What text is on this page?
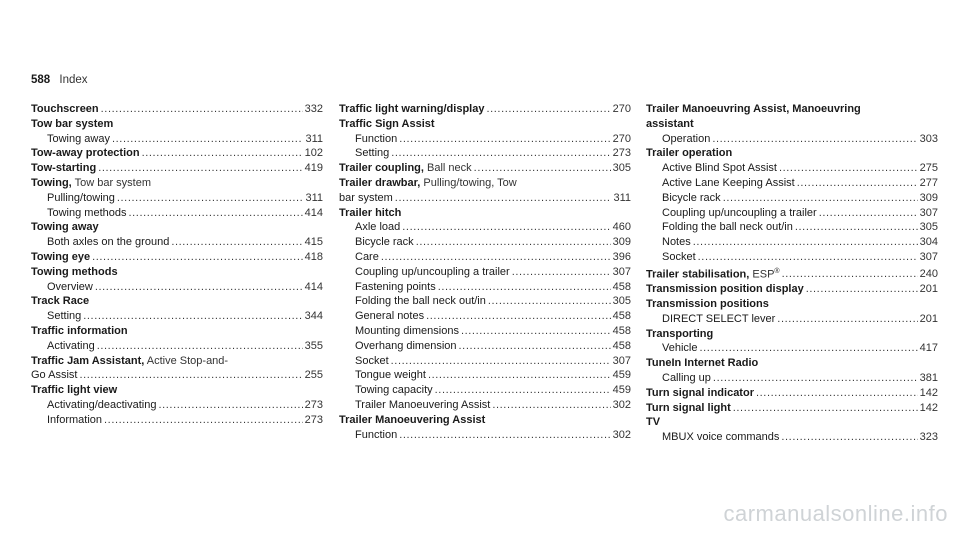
588 Index
Touchscreen .....	332
Tow bar system
Towing away .....	311
Tow-away protection .....	102
Tow-starting .....	419
Towing, Tow bar system
Pulling/towing .....	311
Towing methods .....	414
Towing away
Both axles on the ground .....	415
Towing eye .....	418
Towing methods
Overview .....	414
Track Race
Setting .....	344
Traffic information
Activating .....	355
Traffic Jam Assistant, Active Stop-and-
Go Assist .....	255
Traffic light view
Activating/deactivating .....	273
Information .....	273
Traffic light warning/display .....	270
Traffic Sign Assist
Function .....	270
Setting .....	273
Trailer coupling, Ball neck .....	305
Trailer drawbar, Pulling/towing, Tow
bar system .....	311
Trailer hitch
Axle load .....	460
Bicycle rack .....	309
Care .....	396
Coupling up/uncoupling a trailer .....	307
Fastening points .....	458
Folding the ball neck out/in .....	305
General notes .....	458
Mounting dimensions .....	458
Overhang dimension .....	458
Socket .....	307
Tongue weight .....	459
Towing capacity .....	459
Trailer Manoeuvering Assist .....	302
Trailer Manoeuvering Assist
Function .....	302
Trailer Manoeuvring Assist, Manoeuvring
assistant
Operation .....	303
Trailer operation
Active Blind Spot Assist .....	275
Active Lane Keeping Assist .....	277
Bicycle rack .....	309
Coupling up/uncoupling a trailer .....	307
Folding the ball neck out/in .....	305
Notes .....	304
Socket .....	307
Trailer stabilisation, ESP® .....	240
Transmission position display .....	201
Transmission positions
DIRECT SELECT lever .....	201
Transporting
Vehicle .....	417
TuneIn Internet Radio
Calling up .....	381
Turn signal indicator .....	142
Turn signal light .....	142
TV
MBUX voice commands .....	323
carmanualsonline.info
